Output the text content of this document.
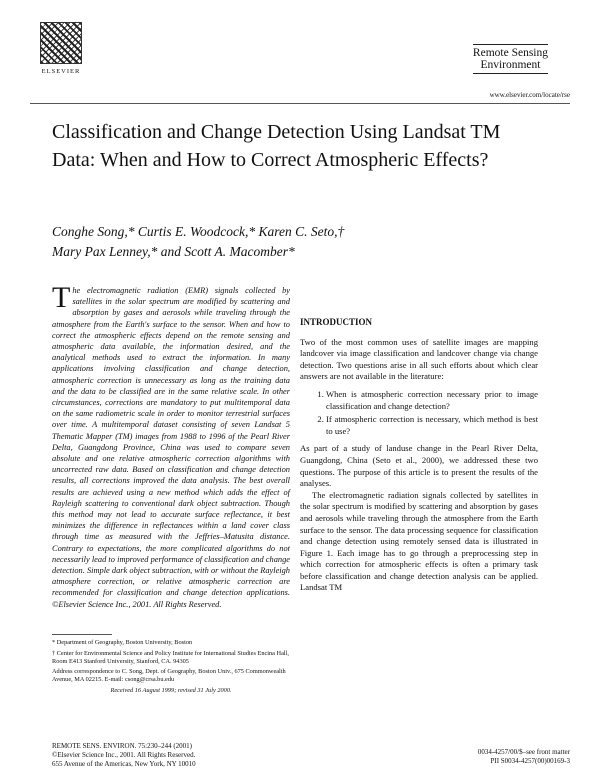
ELSEVIER
Remote Sensing
Environment
www.elsevier.com/locate/rse
Classification and Change Detection Using Landsat TM Data: When and How to Correct Atmospheric Effects?
Conghe Song,* Curtis E. Woodcock,* Karen C. Seto,†
Mary Pax Lenney,* and Scott A. Macomber*

The electromagnetic radiation (EMR) signals collected by satellites in the solar spectrum are modified by scattering and absorption by gases and aerosols while traveling through the atmosphere from the Earth's surface to the sensor. When and how to correct the atmospheric effects depend on the remote sensing and atmospheric data available, the information desired, and the analytical methods used to extract the information. In many applications involving classification and change detection, atmospheric correction is unnecessary as long as the training data and the data to be classified are in the same relative scale. In other circumstances, corrections are mandatory to put multitemporal data on the same radiometric scale in order to monitor terrestrial surfaces over time. A multitemporal dataset consisting of seven Landsat 5 Thematic Mapper (TM) images from 1988 to 1996 of the Pearl River Delta, Guangdong Province, China was used to compare seven absolute and one relative atmospheric correction algorithms with uncorrected raw data. Based on classification and change detection results, all corrections improved the data analysis. The best overall results are achieved using a new method which adds the effect of Rayleigh scattering to conventional dark object subtraction. Though this method may not lead to accurate surface reflectance, it best minimizes the difference in reflectances within a land cover class through time as measured with the Jeffries–Matusita distance. Contrary to expectations, the more complicated algorithms do not necessarily lead to improved performance of classification and change detection. Simple dark object subtraction, with or without the Rayleigh atmosphere correction, or relative atmospheric correction are recommended for classification and change detection applications. ©Elsevier Science Inc., 2001. All Rights Reserved.

INTRODUCTION

Two of the most common uses of satellite images are mapping landcover via image classification and landcover change via change detection. Two questions arise in all such efforts about which clear answers are not available in the literature:

1. When is atmospheric correction necessary prior to image classification and change detection?
2. If atmospheric correction is necessary, which method is best to use?

As part of a study of landuse change in the Pearl River Delta, Guangdong, China (Seto et al., 2000), we addressed these two questions. The purpose of this article is to present the results of the analyses.

The electromagnetic radiation signals collected by satellites in the solar spectrum is modified by scattering and absorption by gases and aerosols while traveling through the atmosphere from the Earth surface to the sensor. The data processing sequence for classification and change detection using remotely sensed data is illustrated in Figure 1. Each image has to go through a preprocessing step in which correction for atmospheric effects is often a primary task before classification and change detection analysis can be applied. Landsat TM

* Department of Geography, Boston University, Boston

† Center for Environmental Science and Policy Institute for International Studies Encina Hall, Room E413 Stanford University, Stanford, CA. 94305

Address correspondence to C. Song, Dept. of Geography, Boston Univ., 675 Commonwealth Avenue, MA 02215. E-mail: csong@crsa.bu.edu

Received 16 August 1999; revised 31 July 2000.

REMOTE SENS. ENVIRON. 75:230–244 (2001)
©Elsevier Science Inc., 2001. All Rights Reserved.
655 Avenue of the Americas, New York, NY 10010
0034-4257/00/$–see front matter
PII S0034-4257(00)00169-3
